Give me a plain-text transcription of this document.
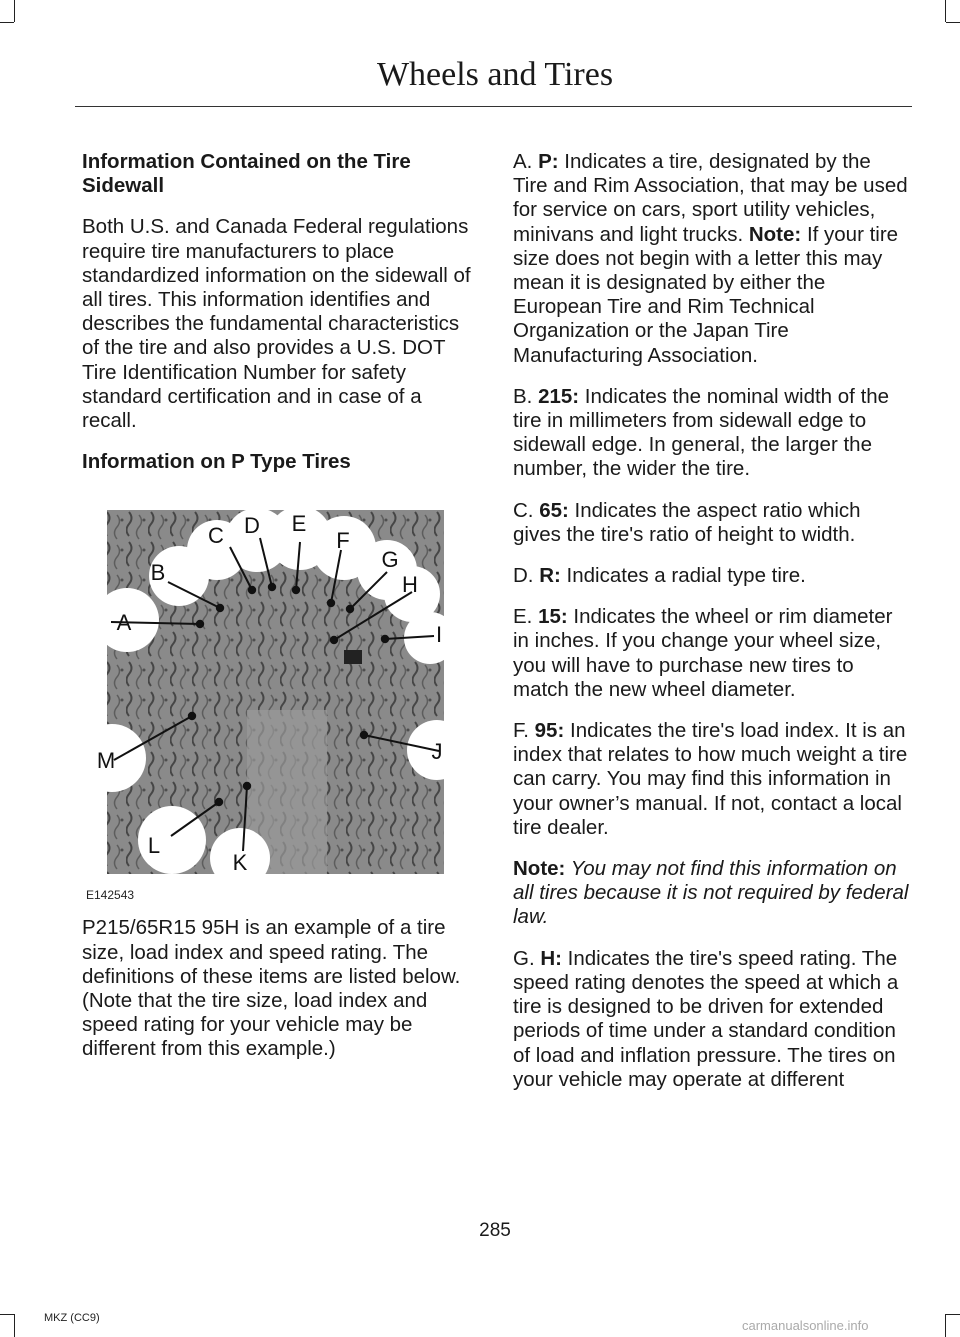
Wheels and Tires
Information Contained on the Tire Sidewall

Both U.S. and Canada Federal regulations require tire manufacturers to place standardized information on the sidewall of all tires. This information identifies and describes the fundamental characteristics of the tire and also provides a U.S. DOT Tire Identification Number for safety standard certification and in case of a recall.

Information on P Type Tires
A
B
C D E
F
G
H
I
J
K
L
M
E142543

P215/65R15 95H is an example of a tire size, load index and speed rating. The definitions of these items are listed below. (Note that the tire size, load index and speed rating for your vehicle may be different from this example.)

A. P: Indicates a tire, designated by the Tire and Rim Association, that may be used for service on cars, sport utility vehicles, minivans and light trucks. Note: If your tire size does not begin with a letter this may mean it is designated by either the European Tire and Rim Technical Organization or the Japan Tire Manufacturing Association.

B. 215: Indicates the nominal width of the tire in millimeters from sidewall edge to sidewall edge. In general, the larger the number, the wider the tire.

C. 65: Indicates the aspect ratio which gives the tire's ratio of height to width.

D. R: Indicates a radial type tire.

E. 15: Indicates the wheel or rim diameter in inches. If you change your wheel size, you will have to purchase new tires to match the new wheel diameter.

F. 95: Indicates the tire's load index. It is an index that relates to how much weight a tire can carry. You may find this information in your owner’s manual. If not, contact a local tire dealer.

Note: You may not find this information on all tires because it is not required by federal law.

G. H: Indicates the tire's speed rating. The speed rating denotes the speed at which a tire is designed to be driven for extended periods of time under a standard condition of load and inflation pressure. The tires on your vehicle may operate at different

285
MKZ (CC9)	carmanualsonline.info
